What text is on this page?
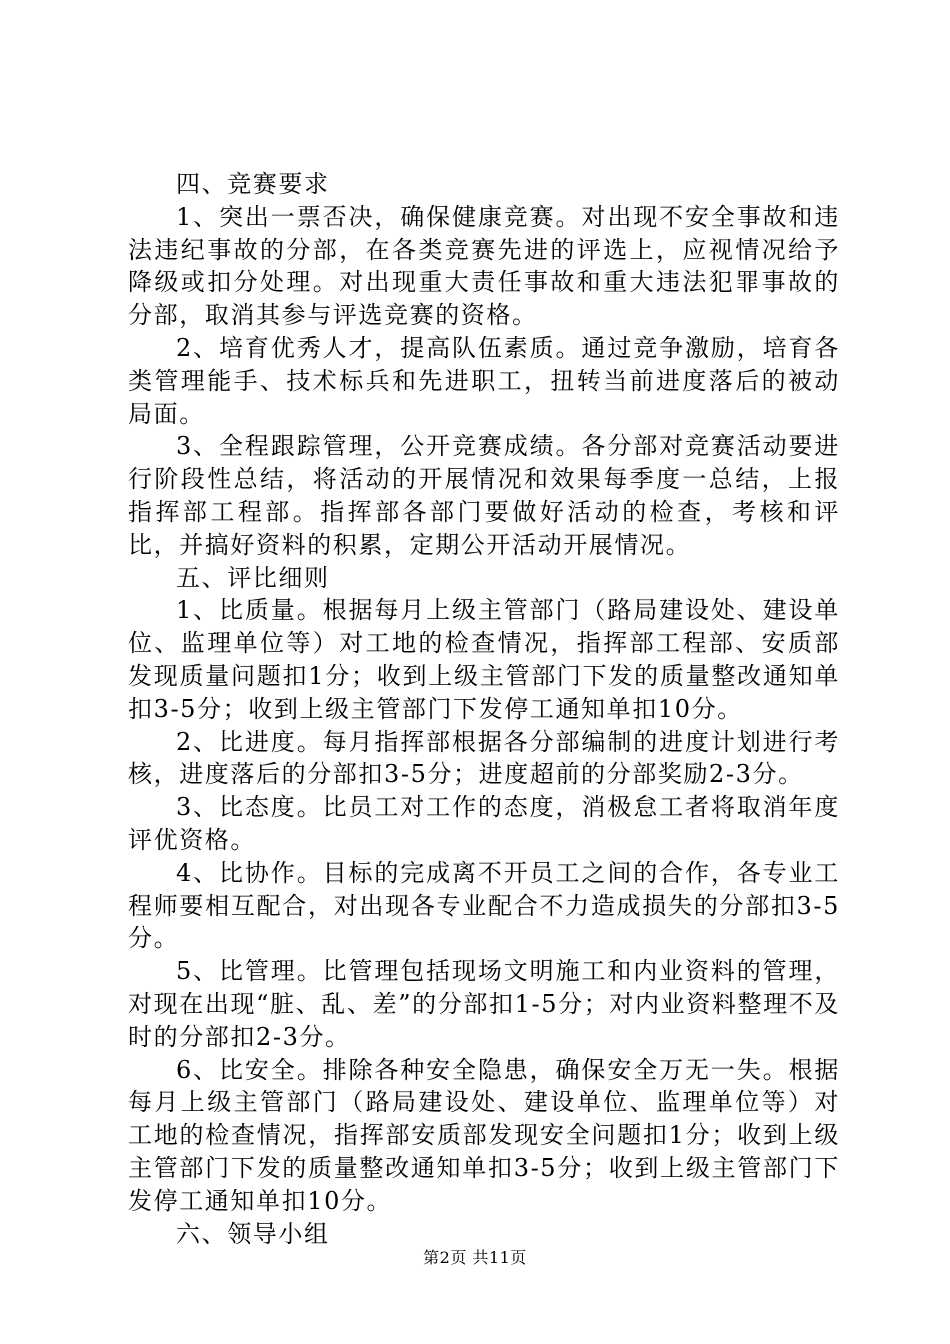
四、竞赛要求

1、突出一票否决，确保健康竞赛。对出现不安全事故和违法违纪事故的分部，在各类竞赛先进的评选上，应视情况给予降级或扣分处理。对出现重大责任事故和重大违法犯罪事故的分部，取消其参与评选竞赛的资格。

2、培育优秀人才，提高队伍素质。通过竞争激励，培育各类管理能手、技术标兵和先进职工，扭转当前进度落后的被动局面。

3、全程跟踪管理，公开竞赛成绩。各分部对竞赛活动要进行阶段性总结，将活动的开展情况和效果每季度一总结，上报指挥部工程部。指挥部各部门要做好活动的检查，考核和评比，并搞好资料的积累，定期公开活动开展情况。

五、评比细则

1、比质量。根据每月上级主管部门（路局建设处、建设单位、监理单位等）对工地的检查情况，指挥部工程部、安质部发现质量问题扣1分；收到上级主管部门下发的质量整改通知单扣3-5分；收到上级主管部门下发停工通知单扣10分。

2、比进度。每月指挥部根据各分部编制的进度计划进行考核，进度落后的分部扣3-5分；进度超前的分部奖励2-3分。

3、比态度。比员工对工作的态度，消极怠工者将取消年度评优资格。

4、比协作。目标的完成离不开员工之间的合作，各专业工程师要相互配合，对出现各专业配合不力造成损失的分部扣3-5分。

5、比管理。比管理包括现场文明施工和内业资料的管理，对现在出现“脏、乱、差”的分部扣1-5分；对内业资料整理不及时的分部扣2-3分。

6、比安全。排除各种安全隐患，确保安全万无一失。根据每月上级主管部门（路局建设处、建设单位、监理单位等）对工地的检查情况，指挥部安质部发现安全问题扣1分；收到上级主管部门下发的质量整改通知单扣3-5分；收到上级主管部门下发停工通知单扣10分。

六、领导小组

第2页 共11页
